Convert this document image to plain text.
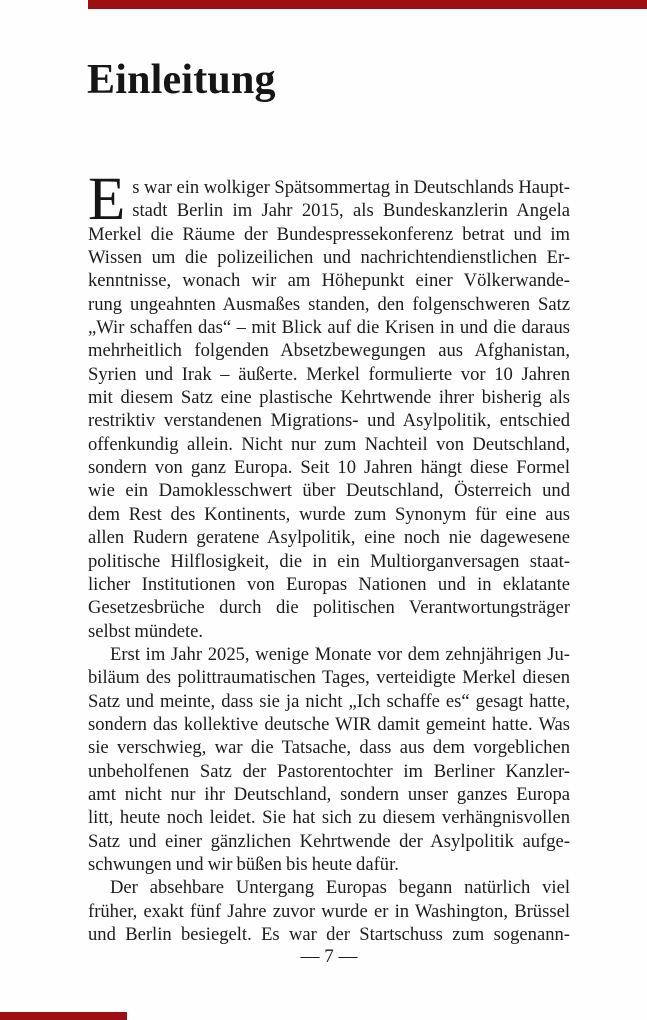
Einleitung
E s war ein wolkiger Spätsommertag in Deutschlands Haupt-
stadt Berlin im Jahr 2015, als Bundeskanzlerin Angela
Merkel die Räume der Bundespressekonferenz betrat und im
Wissen um die polizeilichen und nachrichtendienstlichen Er-
kenntnisse, wonach wir am Höhepunkt einer Völkerwande-
rung ungeahnten Ausmaßes standen, den folgenschweren Satz
„Wir schaffen das“ – mit Blick auf die Krisen in und die daraus
mehrheitlich folgenden Absetzbewegungen aus Afghanistan,
Syrien und Irak – äußerte. Merkel formulierte vor 10 Jahren
mit diesem Satz eine plastische Kehrtwende ihrer bisherig als
restriktiv verstandenen Migrations- und Asylpolitik, entschied
offenkundig allein. Nicht nur zum Nachteil von Deutschland,
sondern von ganz Europa. Seit 10 Jahren hängt diese Formel
wie ein Damoklesschwert über Deutschland, Österreich und
dem Rest des Kontinents, wurde zum Synonym für eine aus
allen Rudern geratene Asylpolitik, eine noch nie dagewesene
politische Hilflosigkeit, die in ein Multiorganversagen staat-
licher Institutionen von Europas Nationen und in eklatante
Gesetzesbrüche durch die politischen Verantwortungsträger
selbst mündete.
Erst im Jahr 2025, wenige Monate vor dem zehnjährigen Ju-
biläum des polittraumatischen Tages, verteidigte Merkel diesen
Satz und meinte, dass sie ja nicht „Ich schaffe es“ gesagt hatte,
sondern das kollektive deutsche WIR damit gemeint hatte. Was
sie verschwieg, war die Tatsache, dass aus dem vorgeblichen
unbeholfenen Satz der Pastorentochter im Berliner Kanzler-
amt nicht nur ihr Deutschland, sondern unser ganzes Europa
litt, heute noch leidet. Sie hat sich zu diesem verhängnisvollen
Satz und einer gänzlichen Kehrtwende der Asylpolitik aufge-
schwungen und wir büßen bis heute dafür.
Der absehbare Untergang Europas begann natürlich viel
früher, exakt fünf Jahre zuvor wurde er in Washington, Brüssel
und Berlin besiegelt. Es war der Startschuss zum sogenann-
— 7 —
